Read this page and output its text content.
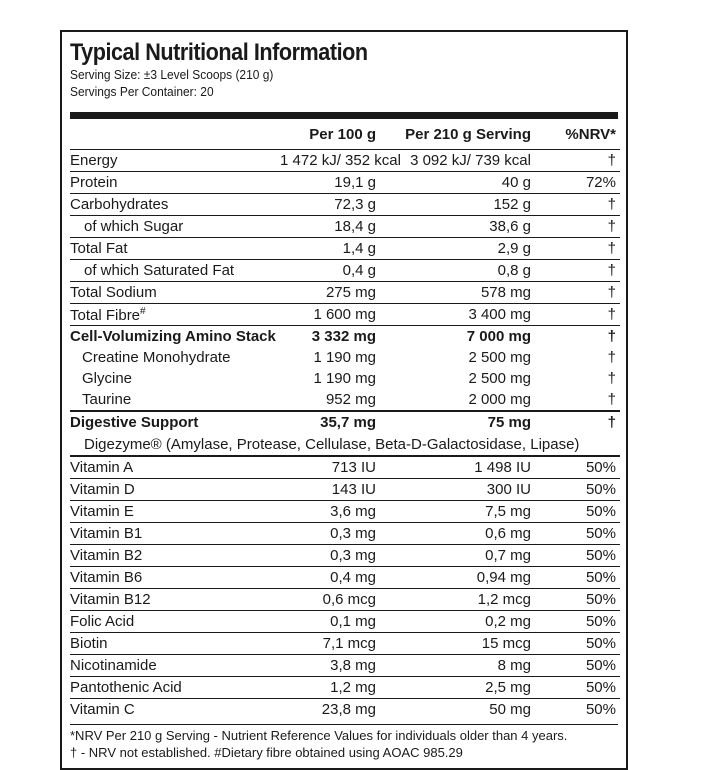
Typical Nutritional Information
Serving Size: ±3 Level Scoops (210 g)
Servings Per Container: 20
	Per 100 g	Per 210 g Serving	%NRV*
Energy	1 472 kJ/ 352 kcal	3 092 kJ/ 739 kcal	†
Protein	19,1 g	40 g	72%
Carbohydrates	72,3 g	152 g	†
of which Sugar	18,4 g	38,6 g	†
Total Fat	1,4 g	2,9 g	†
of which Saturated Fat	0,4 g	0,8 g	†
Total Sodium	275 mg	578 mg	†
Total Fibre#	1 600 mg	3 400 mg	†
Cell-Volumizing Amino Stack	3 332 mg	7 000 mg	†
Creatine Monohydrate	1 190 mg	2 500 mg	†
Glycine	1 190 mg	2 500 mg	†
Taurine	952 mg	2 000 mg	†
Digestive Support	35,7 mg	75 mg	†
Digezyme® (Amylase, Protease, Cellulase, Beta-D-Galactosidase, Lipase)			
Vitamin A	713 IU	1 498 IU	50%
Vitamin D	143 IU	300 IU	50%
Vitamin E	3,6 mg	7,5 mg	50%
Vitamin B1	0,3 mg	0,6 mg	50%
Vitamin B2	0,3 mg	0,7 mg	50%
Vitamin B6	0,4 mg	0,94 mg	50%
Vitamin B12	0,6 mcg	1,2 mcg	50%
Folic Acid	0,1 mg	0,2 mg	50%
Biotin	7,1 mcg	15 mcg	50%
Nicotinamide	3,8 mg	8 mg	50%
Pantothenic Acid	1,2 mg	2,5 mg	50%
Vitamin C	23,8 mg	50 mg	50%
*NRV Per 210 g Serving - Nutrient Reference Values for individuals older than 4 years.
† - NRV not established. #Dietary fibre obtained using AOAC 985.29
